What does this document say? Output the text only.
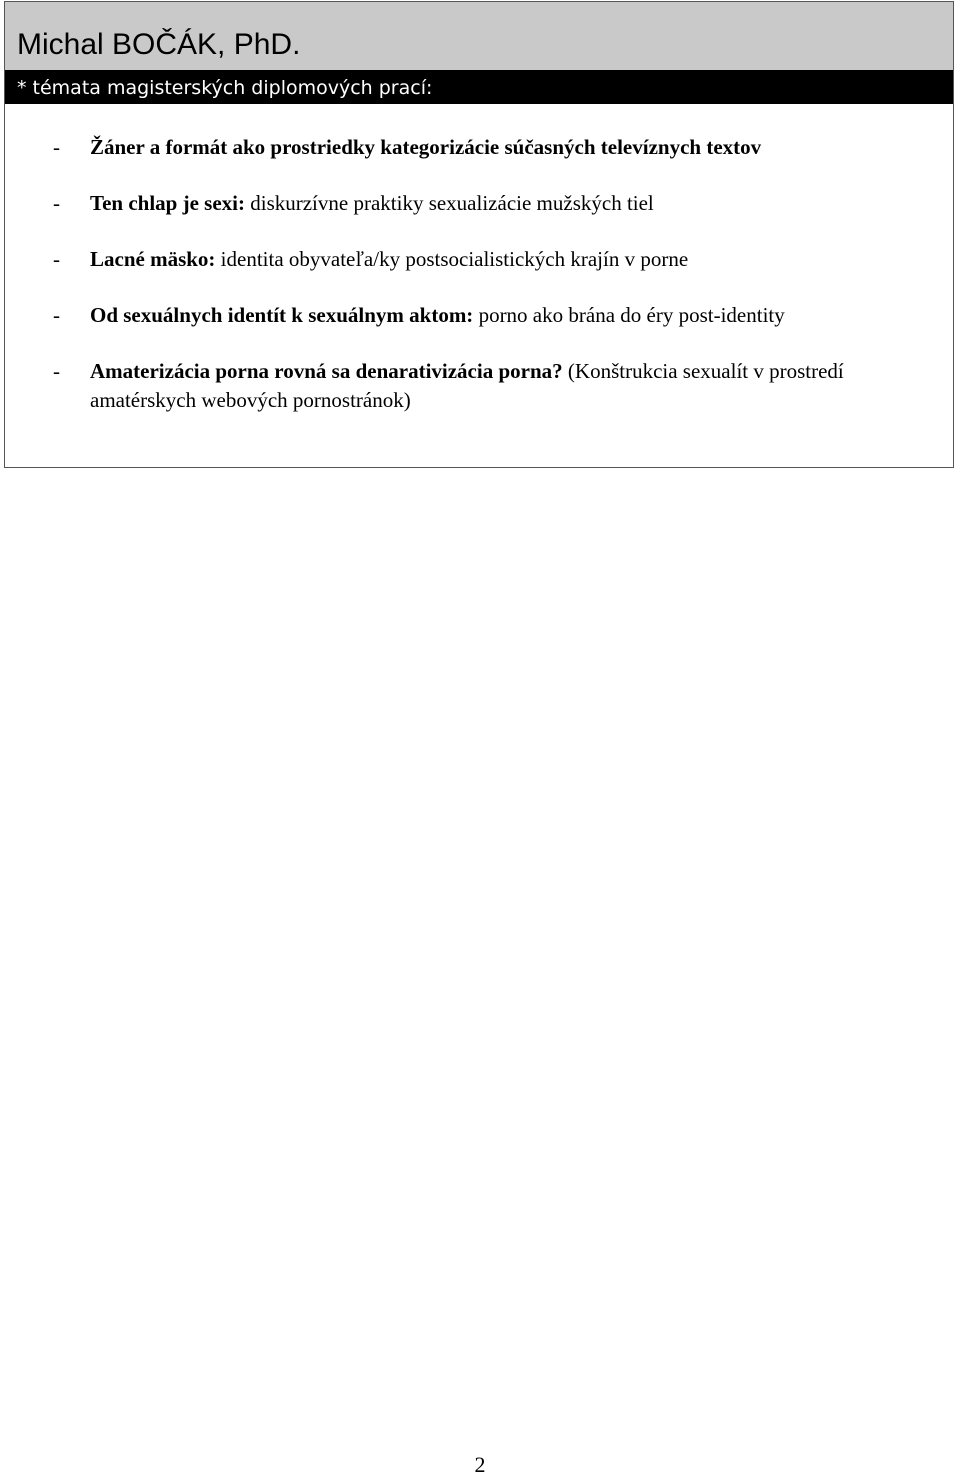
Michal BOČÁK, PhD.
* témata magisterských diplomových prací:
- Žáner a formát ako prostriedky kategorizácie súčasných televíznych textov
- Ten chlap je sexi: diskurzívne praktiky sexualizácie mužských tiel
- Lacné mäsko: identita obyvateľa/ky postsocialistických krajín v porne
- Od sexuálnych identít k sexuálnym aktom: porno ako brána do éry post-identity
- Amaterizácia porna rovná sa denarativizácia porna? (Konštrukcia sexualít v prostredí amatérskych webových pornostránok)
2
